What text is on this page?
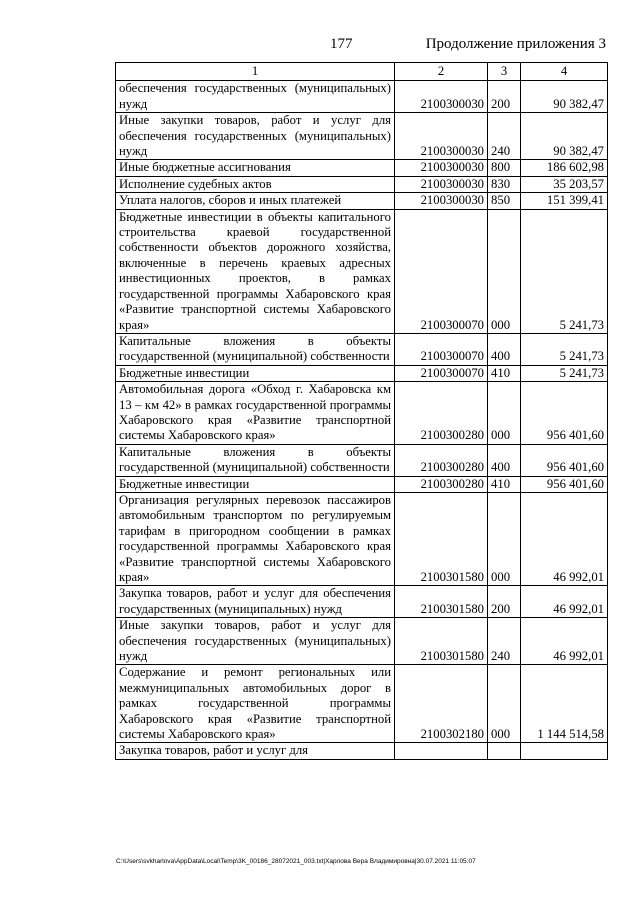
177	Продолжение приложения 3
1	2	3	4
обеспечения государственных (муниципальных) нужд	2100300030	200	90 382,47
Иные закупки товаров, работ и услуг для обеспечения государственных (муниципальных) нужд	2100300030	240	90 382,47
Иные бюджетные ассигнования	2100300030	800	186 602,98
Исполнение судебных актов	2100300030	830	35 203,57
Уплата налогов, сборов и иных платежей	2100300030	850	151 399,41
Бюджетные инвестиции в объекты капитального строительства краевой государственной собственности объектов дорожного хозяйства, включенные в перечень краевых адресных инвестиционных проектов, в рамках государственной программы Хабаровского края «Развитие транспортной системы Хабаровского края»	2100300070	000	5 241,73
Капитальные вложения в объекты государственной (муниципальной) собственности	2100300070	400	5 241,73
Бюджетные инвестиции	2100300070	410	5 241,73
Автомобильная дорога «Обход г. Хабаровска км 13 – км 42» в рамках государственной программы Хабаровского края «Развитие транспортной системы Хабаровского края»	2100300280	000	956 401,60
Капитальные вложения в объекты государственной (муниципальной) собственности	2100300280	400	956 401,60
Бюджетные инвестиции	2100300280	410	956 401,60
Организация регулярных перевозок пассажиров автомобильным транспортом по регулируемым тарифам в пригородном сообщении в рамках государственной программы Хабаровского края «Развитие транспортной системы Хабаровского края»	2100301580	000	46 992,01
Закупка товаров, работ и услуг для обеспечения государственных (муниципальных) нужд	2100301580	200	46 992,01
Иные закупки товаров, работ и услуг для обеспечения государственных (муниципальных) нужд	2100301580	240	46 992,01
Содержание и ремонт региональных или межмуниципальных автомобильных дорог в рамках государственной программы Хабаровского края «Развитие транспортной системы Хабаровского края»	2100302180	000	1 144 514,58
Закупка товаров, работ и услуг для			
C:\Users\svkharlova\AppData\Local\Temp\3K_00186_28072021_003.txt|Харлова Вера Владимировна|30.07.2021 11:05:07
